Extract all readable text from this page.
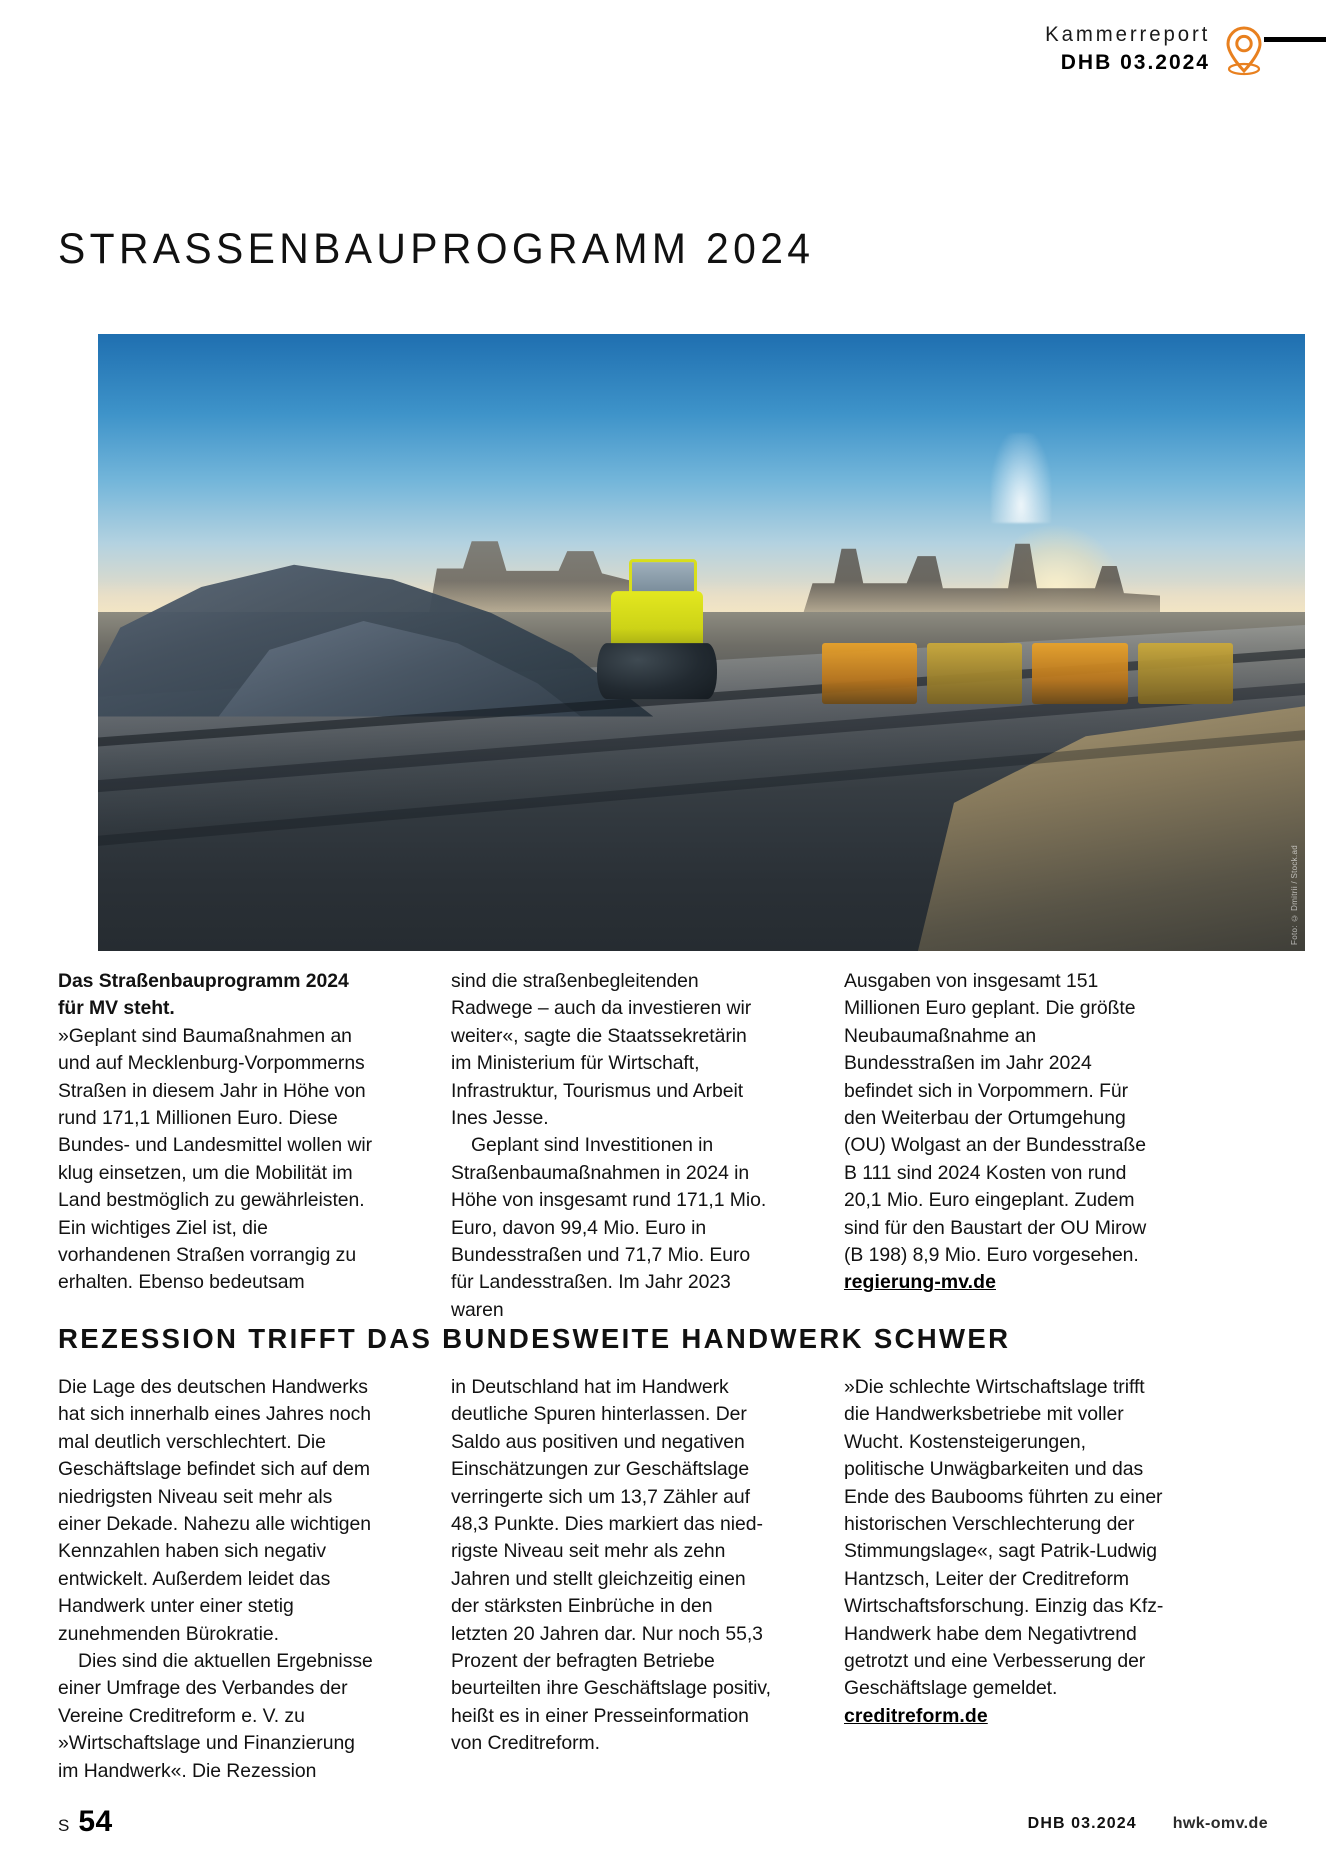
Kammerreport
DHB 03.2024
STRASSENBAUPROGRAMM 2024
Foto: © Dmitrii / Stock.ad

Das Straßenbauprogramm 2024 für MV steht.
»Geplant sind Baumaßnahmen an und auf Mecklenburg-Vorpommerns Straßen in diesem Jahr in Höhe von rund 171,1 Millionen Euro. Diese Bundes- und Landesmittel wollen wir klug einsetzen, um die Mobilität im Land bestmöglich zu gewährleisten. Ein wichtiges Ziel ist, die vorhandenen Straßen vorrangig zu erhalten. Ebenso bedeutsam

sind die straßenbegleitenden Radwege – auch da investieren wir weiter«, sagte die Staatssekretärin im Ministerium für Wirtschaft, Infrastruktur, Tourismus und Arbeit Ines Jesse.

Geplant sind Investitionen in Straßenbaumaßnahmen in 2024 in Höhe von insgesamt rund 171,1 Mio. Euro, davon 99,4 Mio. Euro in Bundesstraßen und 71,7 Mio. Euro für Landesstraßen. Im Jahr 2023 waren

Ausgaben von insgesamt 151 Millionen Euro geplant. Die größte Neubaumaßnahme an Bundesstraßen im Jahr 2024 befindet sich in Vorpommern. Für den Weiterbau der Ortumgehung (OU) Wolgast an der Bundesstraße B 111 sind 2024 Kosten von rund 20,1 Mio. Euro eingeplant. Zudem sind für den Baustart der OU Mirow (B 198) 8,9 Mio. Euro vorgesehen.

regierung-mv.de
REZESSION TRIFFT DAS BUNDESWEITE HANDWERK SCHWER

Die Lage des deutschen Handwerks hat sich innerhalb eines Jahres noch mal deutlich verschlechtert. Die Geschäftslage befindet sich auf dem niedrigsten Niveau seit mehr als einer Dekade. Nahezu alle wichtigen Kennzahlen haben sich negativ entwickelt. Außerdem leidet das Handwerk unter einer stetig zunehmenden Bürokratie.

Dies sind die aktuellen Ergebnisse einer Umfrage des Verbandes der Vereine Creditreform e. V. zu »Wirtschaftslage und Finanzierung im Handwerk«. Die Rezession

in Deutschland hat im Handwerk deutliche Spuren hinterlassen. Der Saldo aus positiven und negativen Einschätzungen zur Geschäftslage verringerte sich um 13,7 Zähler auf 48,3 Punkte. Dies markiert das niedrigste Niveau seit mehr als zehn Jahren und stellt gleichzeitig einen der stärksten Einbrüche in den letzten 20 Jahren dar. Nur noch 55,3 Prozent der befragten Betriebe beurteilten ihre Geschäftslage positiv, heißt es in einer Presseinformation von Creditreform.

»Die schlechte Wirtschaftslage trifft die Handwerksbetriebe mit voller Wucht. Kostensteigerungen, politische Unwägbarkeiten und das Ende des Baubooms führten zu einer historischen Verschlechterung der Stimmungslage«, sagt Patrik-Ludwig Hantzsch, Leiter der Creditreform Wirtschaftsforschung. Einzig das Kfz-Handwerk habe dem Negativtrend getrotzt und eine Verbesserung der Geschäftslage gemeldet.

creditreform.de
S 54	DHB 03.2024 hwk-omv.de
